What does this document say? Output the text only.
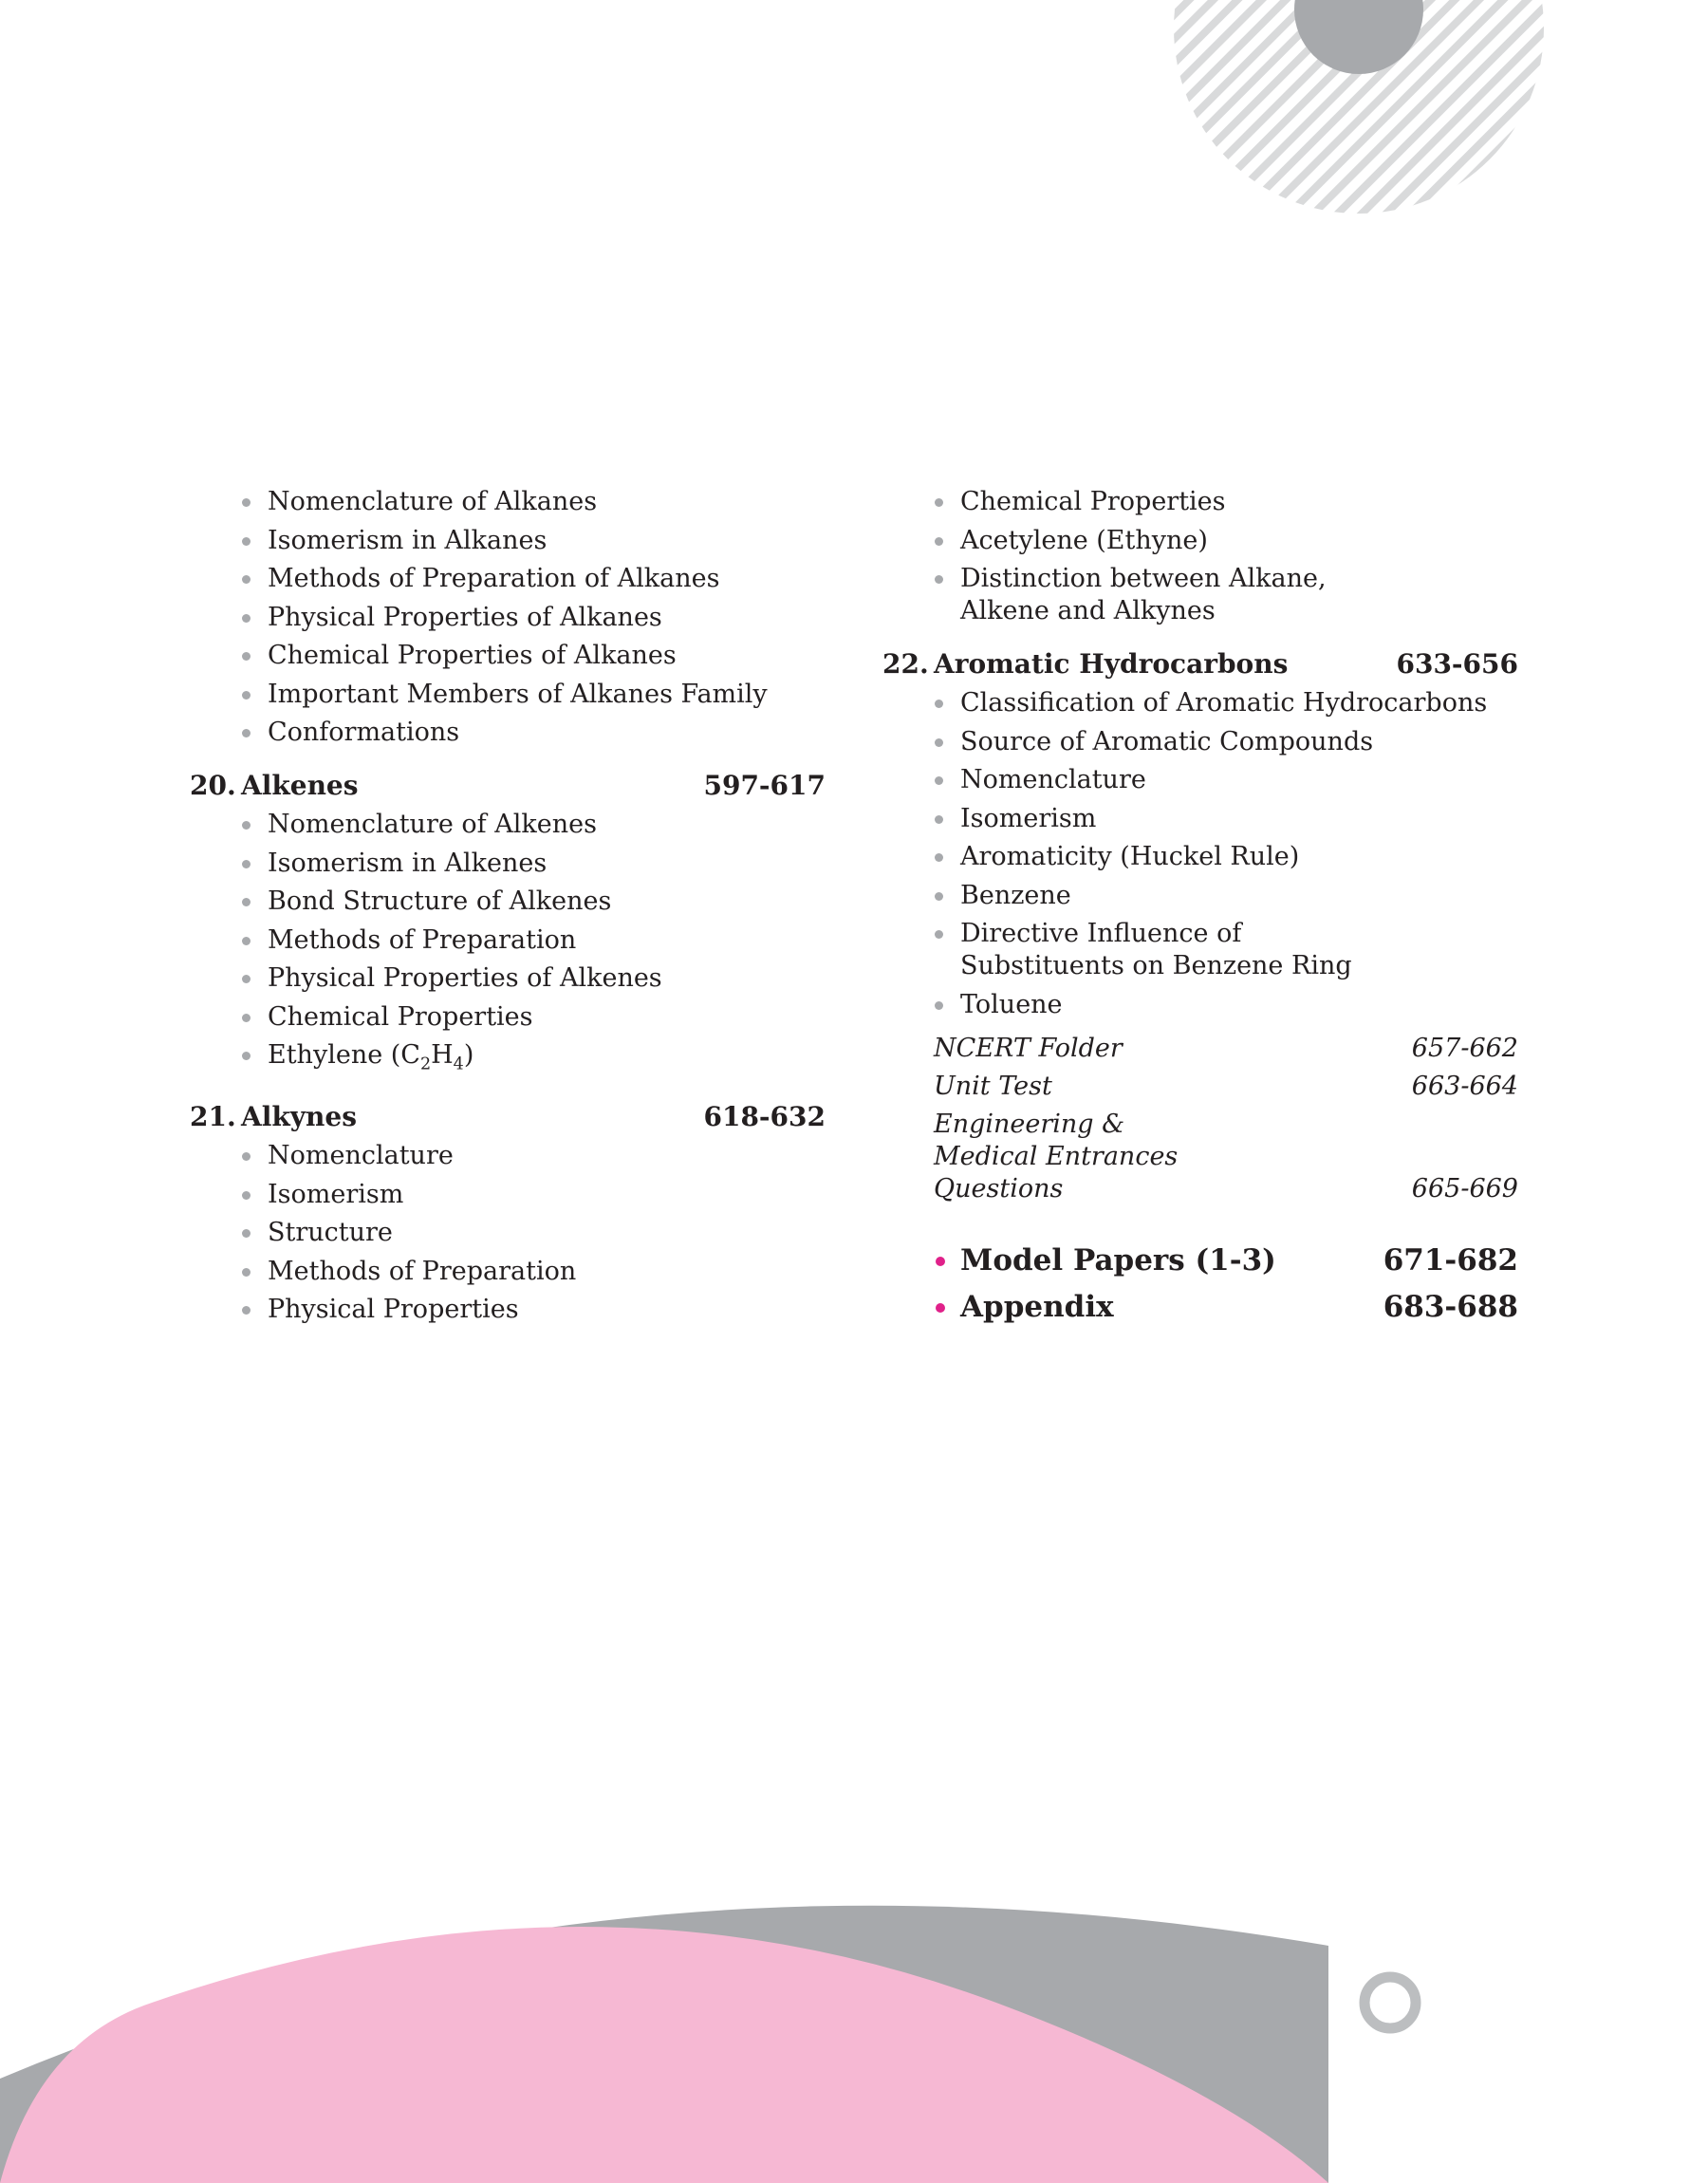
Nomenclature of Alkanes
Isomerism in Alkanes
Methods of Preparation of Alkanes
Physical Properties of Alkanes
Chemical Properties of Alkanes
Important Members of Alkanes Family
Conformations
20. Alkenes	597-617
Nomenclature of Alkenes
Isomerism in Alkenes
Bond Structure of Alkenes
Methods of Preparation
Physical Properties of Alkenes
Chemical Properties
Ethylene $(C_2H_4)$
21. Alkynes	618-632
Nomenclature
Isomerism
Structure
Methods of Preparation
Physical Properties
Chemical Properties
Acetylene (Ethyne)
Distinction between Alkane, Alkene and Alkynes
22. Aromatic Hydrocarbons	633-656
Classification of Aromatic Hydrocarbons
Source of Aromatic Compounds
Nomenclature
Isomerism
Aromaticity (Huckel Rule)
Benzene
Directive Influence of Substituents on Benzene Ring
Toluene
NCERT Folder	657-662
Unit Test	663-664
Engineering & Medical Entrances Questions	665-669
Model Papers (1-3)	671-682
Appendix	683-688
